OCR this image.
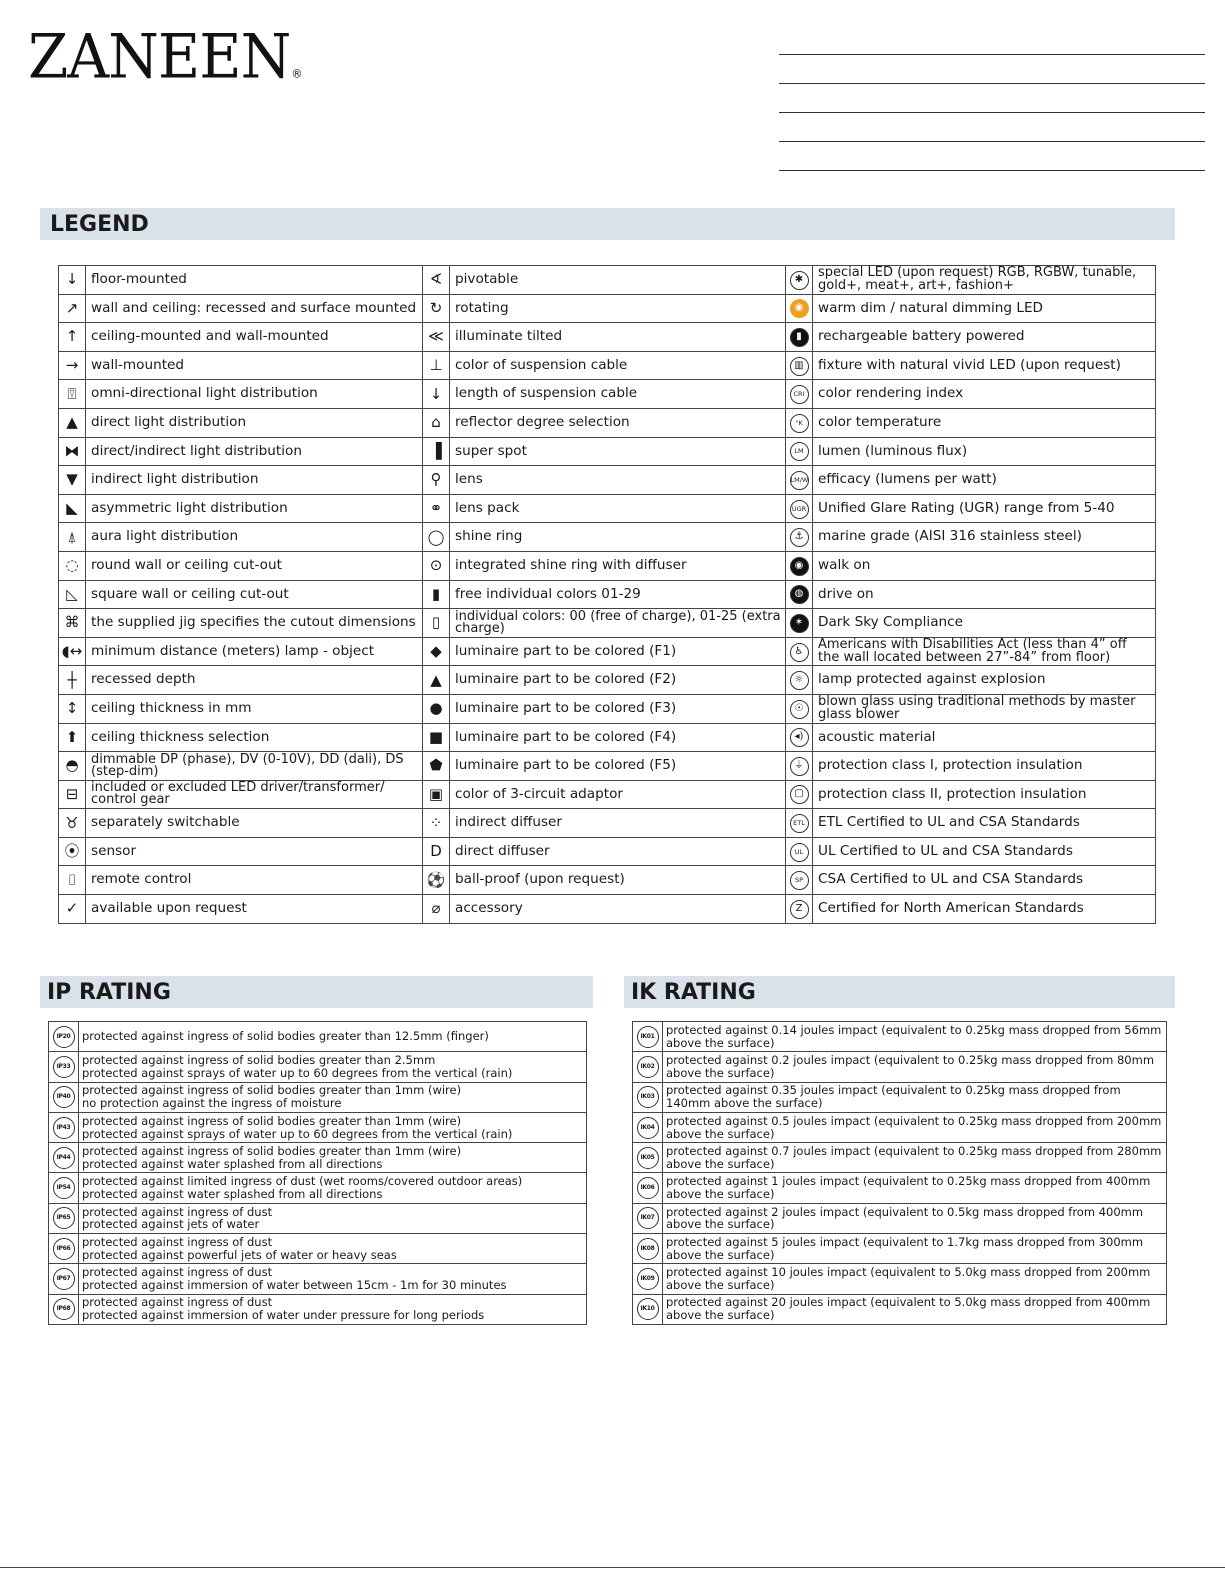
ZANEEN®
LEGEND
↓	floor-mounted	∢	pivotable	✱	special LED (upon request) RGB, RGBW, tunable, gold+, meat+, art+, fashion+
↗	wall and ceiling: recessed and surface mounted	↻	rotating	◉	warm dim / natural dimming LED
↑	ceiling-mounted and wall-mounted	≪	illuminate tilted	▮	rechargeable battery powered
→	wall-mounted	⊥	color of suspension cable	▥	fixture with natural vivid LED (upon request)
⍔	omni-directional light distribution	↓	length of suspension cable	CRI	color rendering index
▲	direct light distribution	⌂	reflector degree selection	°K	color temperature
⧓	direct/indirect light distribution	▐	super spot	LM	lumen (luminous flux)
▼	indirect light distribution	⚲	lens	LM/W	efficacy (lumens per watt)
◣	asymmetric light distribution	⚭	lens pack	UGR	Unified Glare Rating (UGR) range from 5-40
⍋	aura light distribution	◯	shine ring	⚓	marine grade (AISI 316 stainless steel)
◌	round wall or ceiling cut-out	⊙	integrated shine ring with diffuser	◉	walk on
◺	square wall or ceiling cut-out	▮	free individual colors 01-29	◍	drive on
⌘	the supplied jig specifies the cutout dimensions	▯	individual colors: 00 (free of charge), 01-25 (extra charge)	✶	Dark Sky Compliance
◖↔	minimum distance (meters) lamp - object	◆	luminaire part to be colored (F1)	♿	Americans with Disabilities Act (less than 4” off the wall located between 27”-84” from floor)
┼	recessed depth	▲	luminaire part to be colored (F2)	☼	lamp protected against explosion
↕	ceiling thickness in mm	●	luminaire part to be colored (F3)	☉	blown glass using traditional methods by master glass blower
⬆	ceiling thickness selection	■	luminaire part to be colored (F4)	◂)	acoustic material
◓	dimmable DP (phase), DV (0-10V), DD (dali), DS (step-dim)	⬟	luminaire part to be colored (F5)	⏚	protection class I, protection insulation
⊟	included or excluded LED driver/transformer/ control gear	▣	color of 3-circuit adaptor	▢	protection class II, protection insulation
♉	separately switchable	⁘	indirect diffuser	ETL	ETL Certified to UL and CSA Standards
⦿	sensor	D	direct diffuser	UL	UL Certified to UL and CSA Standards
⌷	remote control	⚽	ball-proof (upon request)	SP	CSA Certified to UL and CSA Standards
✓	available upon request	⌀	accessory	Z	Certified for North American Standards
IP RATING
IP20	protected against ingress of solid bodies greater than 12.5mm (finger)

IP33	protected against ingress of solid bodies greater than 2.5mm
protected against sprays of water up to 60 degrees from the vertical (rain)

IP40	protected against ingress of solid bodies greater than 1mm (wire)
no protection against the ingress of moisture

IP43	protected against ingress of solid bodies greater than 1mm (wire)
protected against sprays of water up to 60 degrees from the vertical (rain)

IP44	protected against ingress of solid bodies greater than 1mm (wire)
protected against water splashed from all directions

IP54	protected against limited ingress of dust (wet rooms/covered outdoor areas)
protected against water splashed from all directions

IP65	protected against ingress of dust
protected against jets of water

IP66	protected against ingress of dust
protected against powerful jets of water or heavy seas

IP67	protected against ingress of dust
protected against immersion of water between 15cm - 1m for 30 minutes

IP68	protected against ingress of dust
protected against immersion of water under pressure for long periods
IK RATING
IK01	protected against 0.14 joules impact (equivalent to 0.25kg mass dropped from 56mm above the surface)
IK02	protected against 0.2 joules impact (equivalent to 0.25kg mass dropped from 80mm above the surface)
IK03	protected against 0.35 joules impact (equivalent to 0.25kg mass dropped from 140mm above the surface)
IK04	protected against 0.5 joules impact (equivalent to 0.25kg mass dropped from 200mm above the surface)
IK05	protected against 0.7 joules impact (equivalent to 0.25kg mass dropped from 280mm above the surface)
IK06	protected against 1 joules impact (equivalent to 0.25kg mass dropped from 400mm above the surface)
IK07	protected against 2 joules impact (equivalent to 0.5kg mass dropped from 400mm above the surface)
IK08	protected against 5 joules impact (equivalent to 1.7kg mass dropped from 300mm above the surface)
IK09	protected against 10 joules impact (equivalent to 5.0kg mass dropped from 200mm above the surface)
IK10	protected against 20 joules impact (equivalent to 5.0kg mass dropped from 400mm above the surface)
